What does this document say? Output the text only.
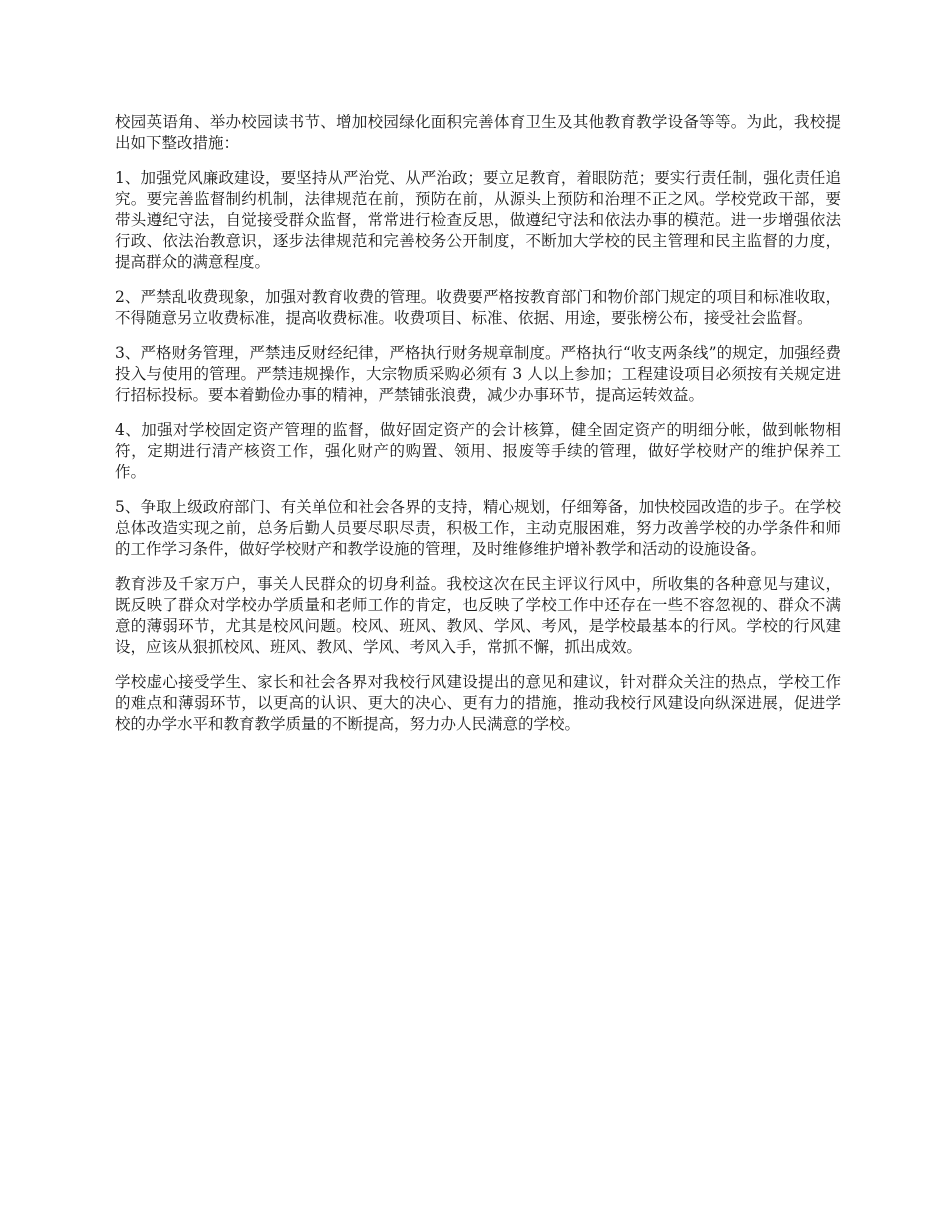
校园英语角、举办校园读书节、增加校园绿化面积完善体育卫生及其他教育教学设备等等。为此，我校提出如下整改措施：

1、加强党风廉政建设，要坚持从严治党、从严治政；要立足教育，着眼防范；要实行责任制，强化责任追究。要完善监督制约机制，法律规范在前，预防在前，从源头上预防和治理不正之风。学校党政干部，要带头遵纪守法，自觉接受群众监督，常常进行检查反思，做遵纪守法和依法办事的模范。进一步增强依法行政、依法治教意识，逐步法律规范和完善校务公开制度，不断加大学校的民主管理和民主监督的力度，提高群众的满意程度。

2、严禁乱收费现象，加强对教育收费的管理。收费要严格按教育部门和物价部门规定的项目和标准收取，不得随意另立收费标准，提高收费标准。收费项目、标准、依据、用途，要张榜公布，接受社会监督。

3、严格财务管理，严禁违反财经纪律，严格执行财务规章制度。严格执行“收支两条线”的规定，加强经费投入与使用的管理。严禁违规操作，大宗物质采购必须有 3 人以上参加；工程建设项目必须按有关规定进行招标投标。要本着勤俭办事的精神，严禁铺张浪费，减少办事环节，提高运转效益。

4、加强对学校固定资产管理的监督，做好固定资产的会计核算，健全固定资产的明细分帐，做到帐物相符，定期进行清产核资工作，强化财产的购置、领用、报废等手续的管理，做好学校财产的维护保养工作。

5、争取上级政府部门、有关单位和社会各界的支持，精心规划，仔细筹备，加快校园改造的步子。在学校总体改造实现之前，总务后勤人员要尽职尽责，积极工作，主动克服困难，努力改善学校的办学条件和师的工作学习条件，做好学校财产和教学设施的管理，及时维修维护增补教学和活动的设施设备。

教育涉及千家万户，事关人民群众的切身利益。我校这次在民主评议行风中，所收集的各种意见与建议，既反映了群众对学校办学质量和老师工作的肯定，也反映了学校工作中还存在一些不容忽视的、群众不满意的薄弱环节，尤其是校风问题。校风、班风、教风、学风、考风，是学校最基本的行风。学校的行风建设，应该从狠抓校风、班风、教风、学风、考风入手，常抓不懈，抓出成效。

学校虚心接受学生、家长和社会各界对我校行风建设提出的意见和建议，针对群众关注的热点，学校工作的难点和薄弱环节，以更高的认识、更大的决心、更有力的措施，推动我校行风建设向纵深进展，促进学校的办学水平和教育教学质量的不断提高，努力办人民满意的学校。
